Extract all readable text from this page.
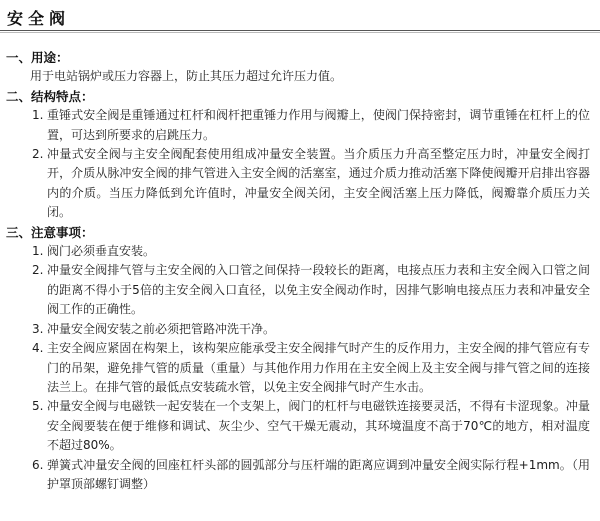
安全阀
一、用途：
用于电站锅炉或压力容器上，防止其压力超过允许压力值。
二、结构特点：
1. 重锤式安全阀是重锤通过杠杆和阀杆把重锤力作用与阀瓣上，使阀门保持密封，调节重锤在杠杆上的位置，可达到所要求的启跳压力。
2. 冲量式安全阀与主安全阀配套使用组成冲量安全装置。当介质压力升高至整定压力时，冲量安全阀打开，介质从脉冲安全阀的排气管进入主安全阀的活塞室，通过介质力推动活塞下降使阀瓣开启排出容器内的介质。当压力降低到允许值时，冲量安全阀关闭，主安全阀活塞上压力降低，阀瓣靠介质压力关闭。
三、注意事项：
1. 阀门必须垂直安装。
2. 冲量安全阀排气管与主安全阀的入口管之间保持一段较长的距离，电接点压力表和主安全阀入口管之间的距离不得小于5倍的主安全阀入口直径，以免主安全阀动作时，因排气影响电接点压力表和冲量安全阀工作的正确性。
3. 冲量安全阀安装之前必须把管路冲洗干净。
4. 主安全阀应紧固在构架上，该构架应能承受主安全阀排气时产生的反作用力，主安全阀的排气管应有专门的吊架，避免排气管的质量（重量）与其他作用力作用在主安全阀上及主安全阀与排气管之间的连接法兰上。在排气管的最低点安装疏水管，以免主安全阀排气时产生水击。
5. 冲量安全阀与电磁铁一起安装在一个支架上，阀门的杠杆与电磁铁连接要灵活，不得有卡涩现象。冲量安全阀要装在便于维修和调试、灰尘少、空气干燥无震动，其环境温度不高于70℃的地方，相对温度不超过80%。
6. 弹簧式冲量安全阀的回座杠杆头部的圆弧部分与压杆端的距离应调到冲量安全阀实际行程+1mm。（用护罩顶部螺钉调整）
